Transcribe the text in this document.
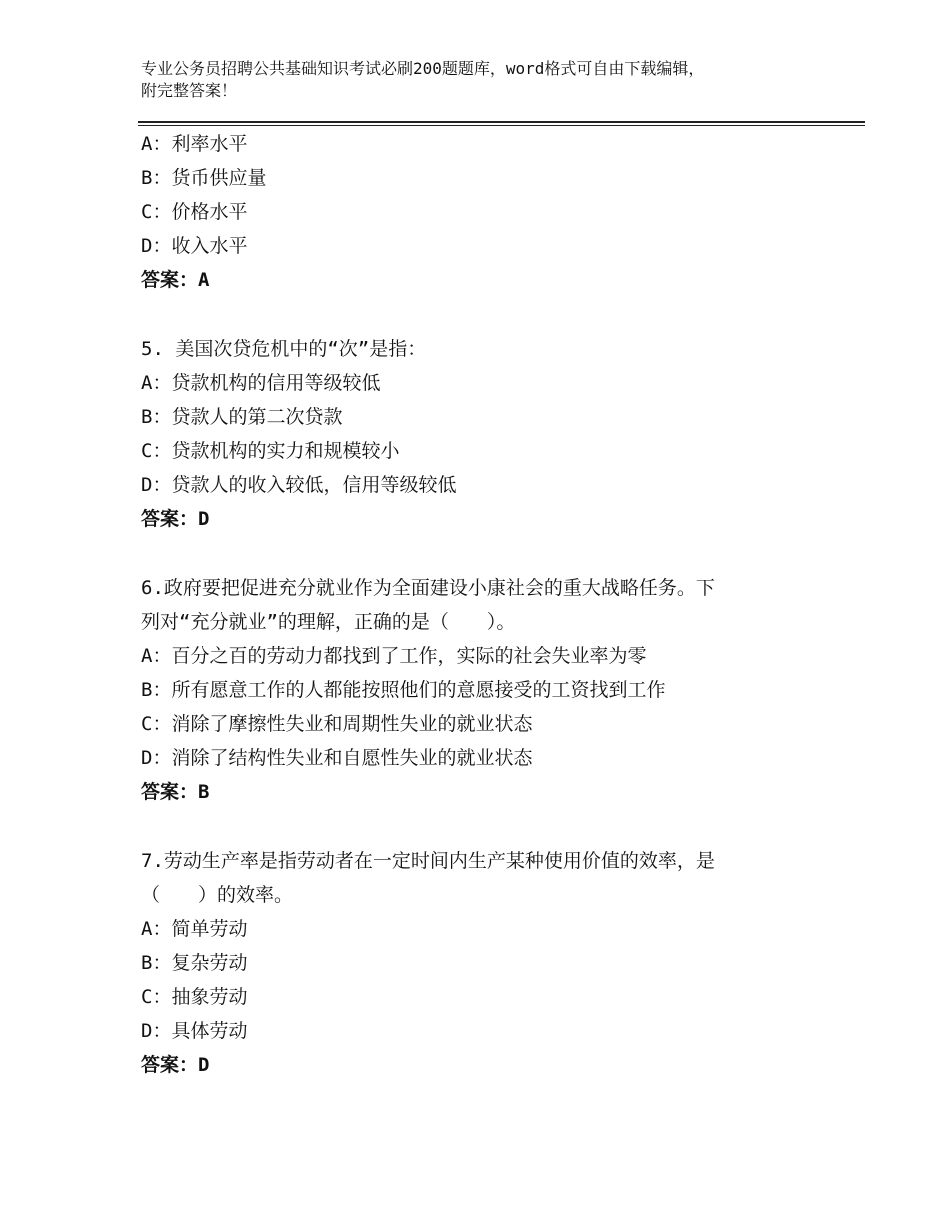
专业公务员招聘公共基础知识考试必刷200题题库，word格式可自由下载编辑，
附完整答案！
A：利率水平
B：货币供应量
C：价格水平
D：收入水平
答案：A
5. 美国次贷危机中的“次”是指：
A：贷款机构的信用等级较低
B：贷款人的第二次贷款
C：贷款机构的实力和规模较小
D：贷款人的收入较低，信用等级较低
答案：D
6.政府要把促进充分就业作为全面建设小康社会的重大战略任务。下
列对“充分就业”的理解，正确的是（　　）。
A：百分之百的劳动力都找到了工作，实际的社会失业率为零
B：所有愿意工作的人都能按照他们的意愿接受的工资找到工作
C：消除了摩擦性失业和周期性失业的就业状态
D：消除了结构性失业和自愿性失业的就业状态
答案：B
7.劳动生产率是指劳动者在一定时间内生产某种使用价值的效率，是
（　　）的效率。
A：简单劳动
B：复杂劳动
C：抽象劳动
D：具体劳动
答案：D
